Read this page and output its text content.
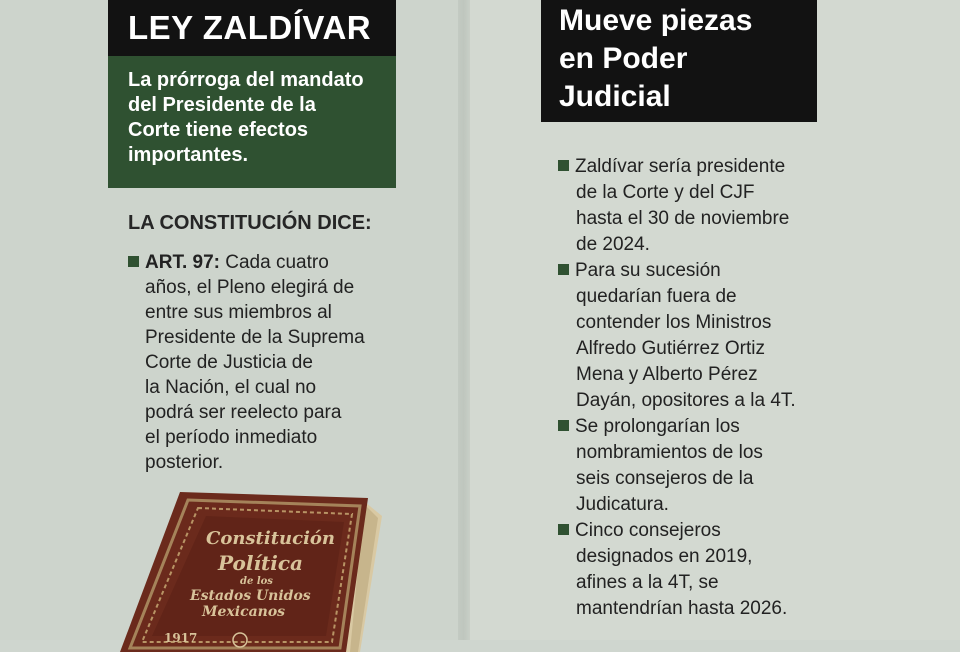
LEY ZALDÍVAR
La prórroga del mandato
del Presidente de la
Corte tiene efectos
importantes.
LA CONSTITUCIÓN DICE:
ART. 97: Cada cuatro
años, el Pleno elegirá de
entre sus miembros al
Presidente de la Suprema
Corte de Justicia de
la Nación, el cual no
podrá ser reelecto para
el período inmediato
posterior.
Constitución
Política
de los
Estados Unidos
Mexicanos
1917
Mueve piezas
en Poder
Judicial
Zaldívar sería presidente
de la Corte y del CJF
hasta el 30 de noviembre
de 2024.
Para su sucesión
quedarían fuera de
contender los Ministros
Alfredo Gutiérrez Ortiz
Mena y Alberto Pérez
Dayán, opositores a la 4T.
Se prolongarían los
nombramientos de los
seis consejeros de la
Judicatura.
Cinco consejeros
designados en 2019,
afines a la 4T, se
mantendrían hasta 2026.
